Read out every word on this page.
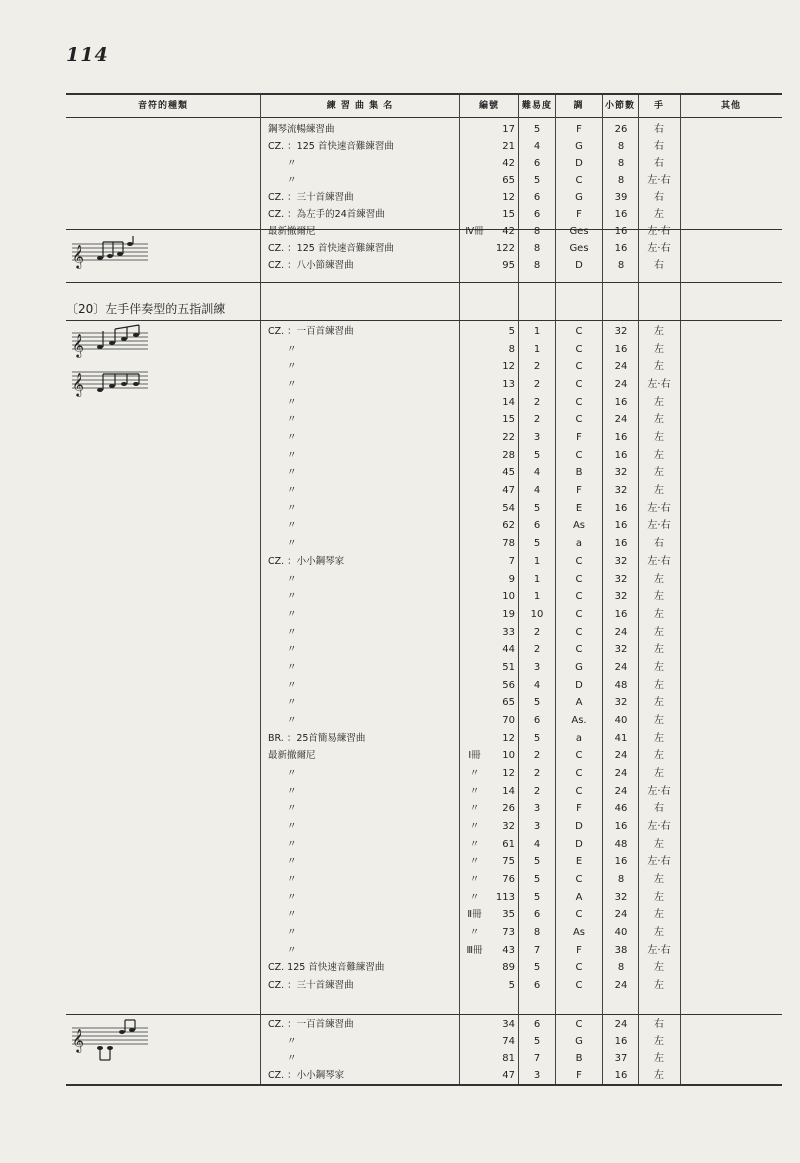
114
音符的種類	練 習 曲 集 名	編號	難易度	調	小節數	手	其他
〔20〕左手伴奏型的五指訓練
𝄞
𝄞
𝄞
𝄞
鋼琴流暢練習曲	17	5	F	26	右
CZ. ：125 首快速音難練習曲	21	4	G	8	右
　　〃	42	6	D	8	右
　　〃	65	5	C	8	左·右
CZ. ：三十首練習曲	12	6	G	39	右
CZ. ：為左手的24首練習曲	15	6	F	16	左
最新撤爾尼	Ⅳ冊	42	8	Ges	16	左·右
CZ. ：125 首快速音難練習曲	122	8	Ges	16	左·右
CZ. ：八小節練習曲	95	8	D	8	右
CZ. ：一百首練習曲	5	1	C	32	左
　　〃	8	1	C	16	左
　　〃	12	2	C	24	左
　　〃	13	2	C	24	左·右
　　〃	14	2	C	16	左
　　〃	15	2	C	24	左
　　〃	22	3	F	16	左
　　〃	28	5	C	16	左
　　〃	45	4	B	32	左
　　〃	47	4	F	32	左
　　〃	54	5	E	16	左·右
　　〃	62	6	As	16	左·右
　　〃	78	5	a	16	右
CZ. ：小小鋼琴家	7	1	C	32	左·右
　　〃	9	1	C	32	左
　　〃	10	1	C	32	左
　　〃	19	10	C	16	左
　　〃	33	2	C	24	左
　　〃	44	2	C	32	左
　　〃	51	3	G	24	左
　　〃	56	4	D	48	左
　　〃	65	5	A	32	左
　　〃	70	6	As.	40	左
BR. ：25首簡易練習曲	12	5	a	41	左
最新撤爾尼	Ⅰ冊	10	2	C	24	左
　　〃	〃	12	2	C	24	左
　　〃	〃	14	2	C	24	左·右
　　〃	〃	26	3	F	46	右
　　〃	〃	32	3	D	16	左·右
　　〃	〃	61	4	D	48	左
　　〃	〃	75	5	E	16	左·右
　　〃	〃	76	5	C	8	左
　　〃	〃	113	5	A	32	左
　　〃	Ⅱ冊	35	6	C	24	左
　　〃	〃	73	8	As	40	左
　　〃	Ⅲ冊	43	7	F	38	左·右
CZ. 125 首快速音難練習曲	89	5	C	8	左
CZ. ：三十首練習曲	5	6	C	24	左
CZ. ：一百首練習曲	34	6	C	24	右
　　〃	74	5	G	16	左
　　〃	81	7	B	37	左
CZ. ：小小鋼琴家	47	3	F	16	左
